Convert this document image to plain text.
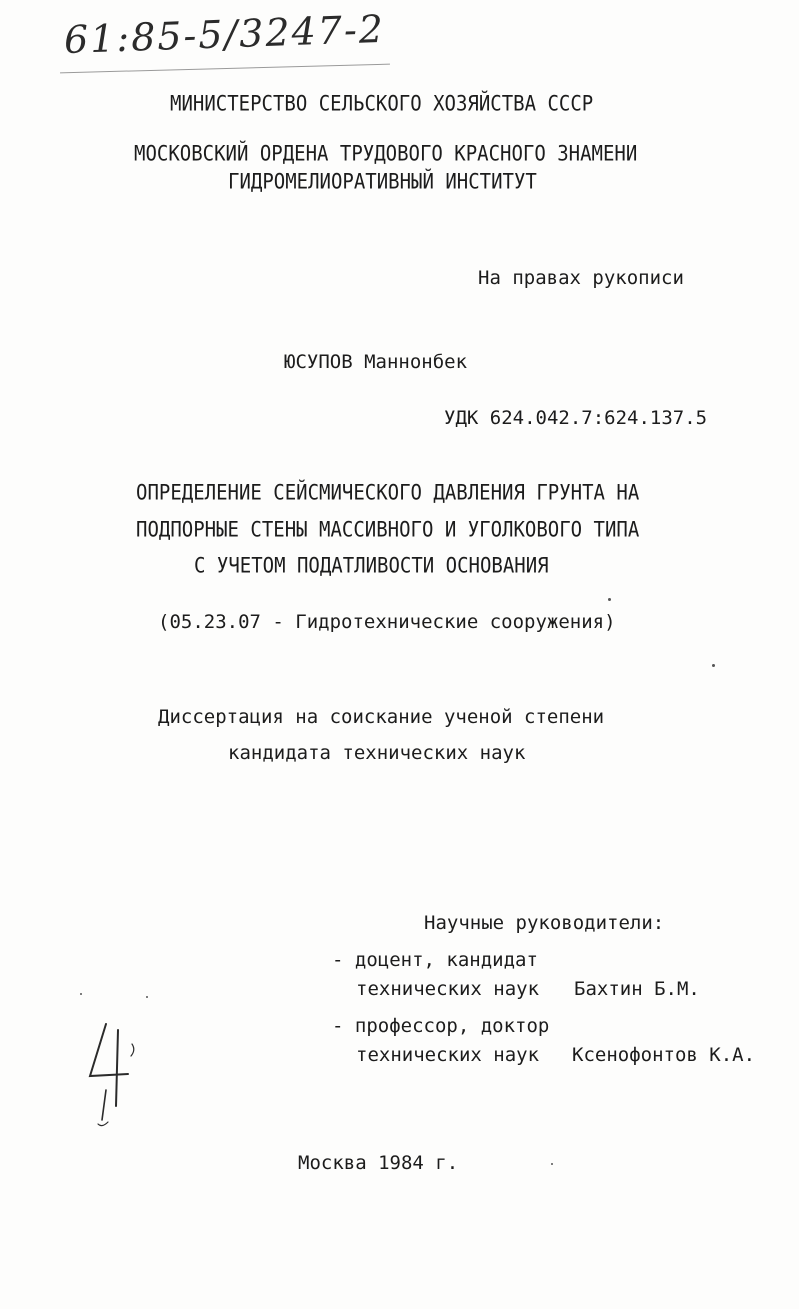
61:85-5/3247-2
МИНИСТЕРСТВО СЕЛЬСКОГО ХОЗЯЙСТВА СССР
МОСКОВСКИЙ ОРДЕНА ТРУДОВОГО КРАСНОГО ЗНАМЕНИ
ГИДРОМЕЛИОРАТИВНЫЙ ИНСТИТУТ
На правах рукописи
ЮСУПОВ Маннонбек
УДК 624.042.7:624.137.5
ОПРЕДЕЛЕНИЕ СЕЙСМИЧЕСКОГО ДАВЛЕНИЯ ГРУНТА НА
ПОДПОРНЫЕ СТЕНЫ МАССИВНОГО И УГОЛКОВОГО ТИПА
С УЧЕТОМ ПОДАТЛИВОСТИ ОСНОВАНИЯ
(05.23.07 - Гидротехнические сооружения)
Диссертация на соискание ученой степени
кандидата технических наук
Научные руководители:
- доцент, кандидат
технических наук Бахтин Б.М.
- профессор, доктор
технических наук Ксенофонтов К.А.
Москва 1984 г.
